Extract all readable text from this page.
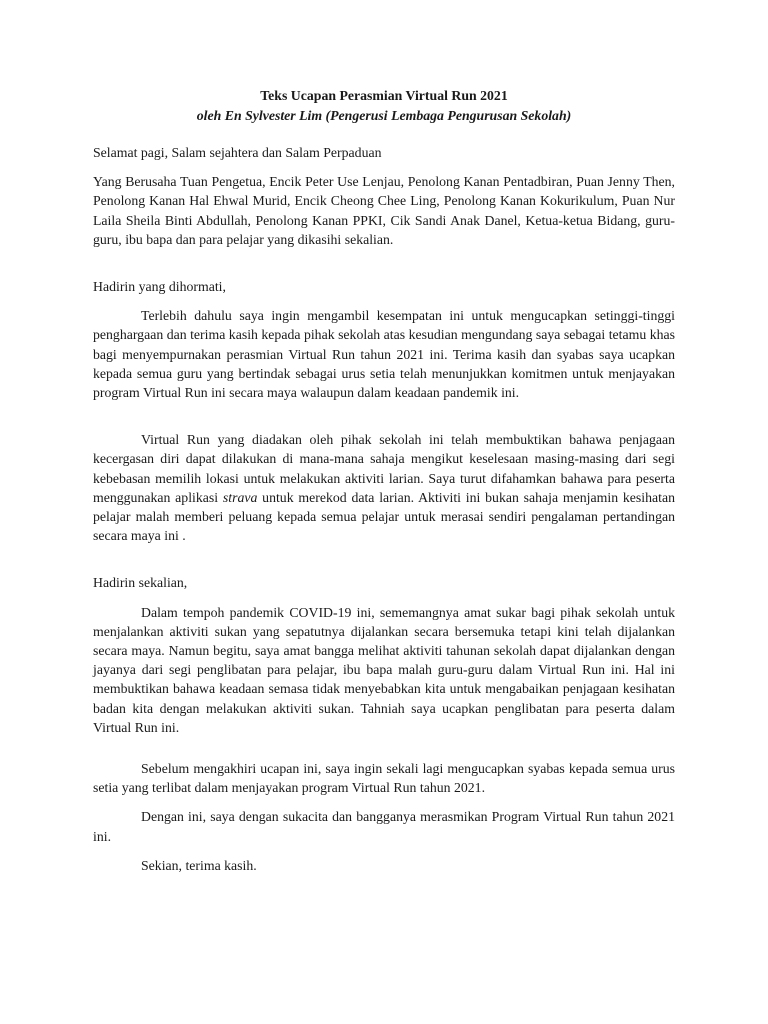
Teks Ucapan Perasmian Virtual Run 2021

oleh En Sylvester Lim (Pengerusi Lembaga Pengurusan Sekolah)

Selamat pagi, Salam sejahtera dan Salam Perpaduan

Yang Berusaha Tuan Pengetua, Encik Peter Use Lenjau, Penolong Kanan Pentadbiran, Puan Jenny Then, Penolong Kanan Hal Ehwal Murid, Encik Cheong Chee Ling, Penolong Kanan Kokurikulum, Puan Nur Laila Sheila Binti Abdullah, Penolong Kanan PPKI, Cik Sandi Anak Danel, Ketua-ketua Bidang, guru-guru, ibu bapa dan para pelajar yang dikasihi sekalian.

Hadirin yang dihormati,

Terlebih dahulu saya ingin mengambil kesempatan ini untuk mengucapkan setinggi-tinggi penghargaan dan terima kasih kepada pihak sekolah atas kesudian mengundang saya sebagai tetamu khas bagi menyempurnakan perasmian Virtual Run tahun 2021 ini. Terima kasih dan syabas saya ucapkan kepada semua guru yang bertindak sebagai urus setia telah menunjukkan komitmen untuk menjayakan program Virtual Run ini secara maya walaupun dalam keadaan pandemik ini.

Virtual Run yang diadakan oleh pihak sekolah ini telah membuktikan bahawa penjagaan kecergasan diri dapat dilakukan di mana-mana sahaja mengikut keselesaan masing-masing dari segi kebebasan memilih lokasi untuk melakukan aktiviti larian. Saya turut difahamkan bahawa para peserta menggunakan aplikasi strava untuk merekod data larian. Aktiviti ini bukan sahaja menjamin kesihatan pelajar malah memberi peluang kepada semua pelajar untuk merasai sendiri pengalaman pertandingan secara maya ini .

Hadirin sekalian,

Dalam tempoh pandemik COVID-19 ini, sememangnya amat sukar bagi pihak sekolah untuk menjalankan aktiviti sukan yang sepatutnya dijalankan secara bersemuka tetapi kini telah dijalankan secara maya. Namun begitu, saya amat bangga melihat aktiviti tahunan sekolah dapat dijalankan dengan jayanya dari segi penglibatan para pelajar, ibu bapa malah guru-guru dalam Virtual Run ini. Hal ini membuktikan bahawa keadaan semasa tidak menyebabkan kita untuk mengabaikan penjagaan kesihatan badan kita dengan melakukan aktiviti sukan. Tahniah saya ucapkan penglibatan para peserta dalam Virtual Run ini.

Sebelum mengakhiri ucapan ini, saya ingin sekali lagi mengucapkan syabas kepada semua urus setia yang terlibat dalam menjayakan program Virtual Run tahun 2021.

Dengan ini, saya dengan sukacita dan bangganya merasmikan Program Virtual Run tahun 2021 ini.

Sekian, terima kasih.
